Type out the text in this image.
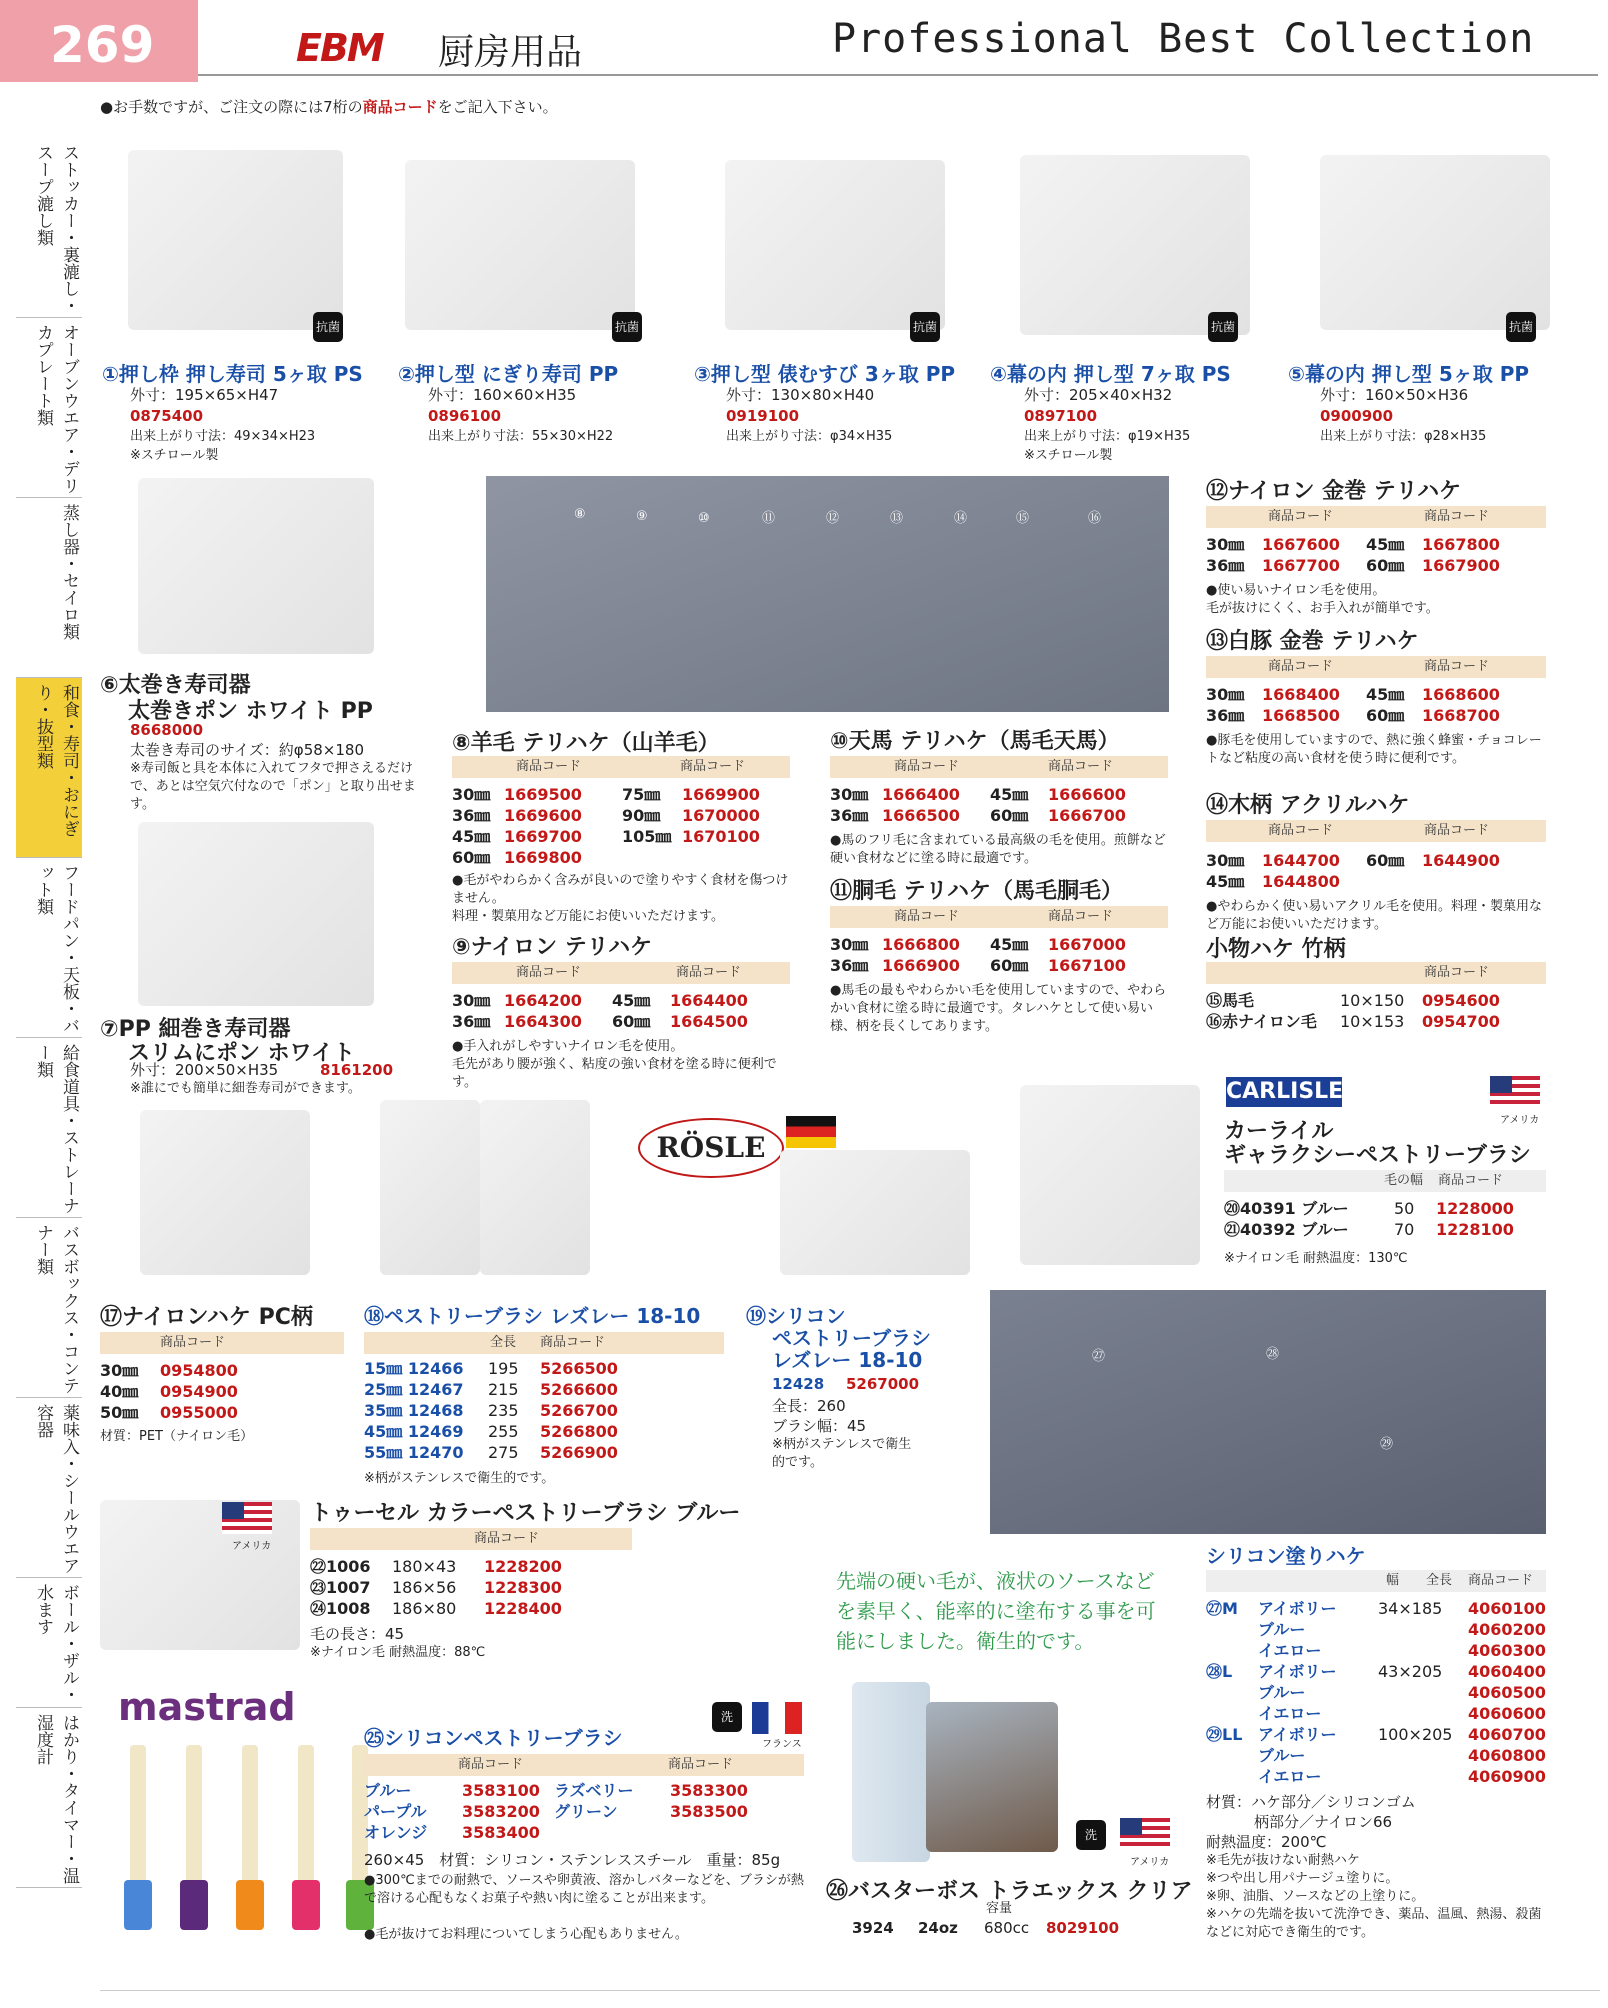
269	EBM	厨房用品	Professional Best Collection
●お手数ですが、ご注文の際には7桁の商品コードをご記入下さい。
ストッカー・裏漉し・スープ漉し類
オーブンウエア・デリカプレート類
蒸し器・セイロ類
和食・寿司・おにぎり・抜型類
フードパン・天板・バット類
給食道具・ストレーナー類
バスボックス・コンテナー類
薬味入・シールウエア容器
ボール・ザル・水ます
はかり・タイマー・温湿度計
抗菌	抗菌	抗菌	抗菌	抗菌
①押し枠 押し寿司 5ヶ取 PS
外寸：195×65×H47
0875400
出来上がり寸法：49×34×H23
※スチロール製
②押し型 にぎり寿司 PP
外寸：160×60×H35
0896100
出来上がり寸法：55×30×H22
③押し型 俵むすび 3ヶ取 PP
外寸：130×80×H40
0919100
出来上がり寸法：φ34×H35
④幕の内 押し型 7ヶ取 PS
外寸：205×40×H32
0897100
出来上がり寸法：φ19×H35
※スチロール製
⑤幕の内 押し型 5ヶ取 PP
外寸：160×50×H36
0900900
出来上がり寸法：φ28×H35
⑥太巻き寿司器
太巻きポン ホワイト PP
8668000
太巻き寿司のサイズ：約φ58×180
※寿司飯と具を本体に入れてフタで押さえるだけで、あとは空気穴付なので「ポン」と取り出せます。
⑦PP 細巻き寿司器
スリムにポン ホワイト
外寸：200×50×H35	8161200
※誰にでも簡単に細巻寿司ができます。
⑧	⑨	⑩	⑪	⑫	⑬	⑭	⑮	⑯
⑧羊毛 テリハケ（山羊毛）
商品コード	商品コード
30㎜ 1669500	75㎜ 1669900
36㎜ 1669600	90㎜ 1670000
45㎜ 1669700	105㎜ 1670100
60㎜ 1669800
●毛がやわらかく含みが良いので塗りやすく食材を傷つけません。
料理・製菓用など万能にお使いいただけます。
⑨ナイロン テリハケ
商品コード	商品コード
30㎜ 1664200 45㎜ 1664400
36㎜ 1664300 60㎜ 1664500
●手入れがしやすいナイロン毛を使用。
毛先があり腰が強く、粘度の強い食材を塗る時に便利です。
⑩天馬 テリハケ（馬毛天馬）
商品コード	商品コード
30㎜ 1666400 45㎜ 1666600
36㎜ 1666500 60㎜ 1666700
●馬のフリ毛に含まれている最高級の毛を使用。煎餅など硬い食材などに塗る時に最適です。
⑪胴毛 テリハケ（馬毛胴毛）
商品コード	商品コード
30㎜ 1666800 45㎜ 1667000
36㎜ 1666900 60㎜ 1667100
●馬毛の最もやわらかい毛を使用していますので、やわらかい食材に塗る時に最適です。タレハケとして使い易い様、柄を長くしてあります。
⑫ナイロン 金巻 テリハケ
商品コード	商品コード
30㎜ 1667600 45㎜ 1667800
36㎜ 1667700 60㎜ 1667900
●使い易いナイロン毛を使用。
毛が抜けにくく、お手入れが簡単です。
⑬白豚 金巻 テリハケ
商品コード	商品コード
30㎜ 1668400 45㎜ 1668600
36㎜ 1668500 60㎜ 1668700
●豚毛を使用していますので、熱に強く蜂蜜・チョコレートなど粘度の高い食材を使う時に便利です。
⑭木柄 アクリルハケ
商品コード	商品コード
30㎜ 1644700 60㎜ 1644900
45㎜ 1644800
●やわらかく使い易いアクリル毛を使用。料理・製菓用など万能にお使いいただけます。
小物ハケ 竹柄
商品コード
⑮馬毛	10×150 0954600
⑯赤ナイロン毛 10×153 0954700
CARLISLE
アメリカ
カーライル
ギャラクシーペストリーブラシ
毛の幅 商品コード
⑳40391 ブルー	50 1228000
㉑40392 ブルー	70 1228100
※ナイロン毛 耐熱温度：130℃
RÖSLE
⑰ナイロンハケ PC柄
商品コード
30㎜ 0954800
40㎜ 0954900
50㎜ 0955000
材質：PET（ナイロン毛）
⑱ペストリーブラシ レズレー 18-10
全長 商品コード
15㎜ 12466 195 5266500
25㎜ 12467 215 5266600
35㎜ 12468 235 5266700
45㎜ 12469 255 5266800
55㎜ 12470 275 5266900
※柄がステンレスで衛生的です。
⑲シリコン
ペストリーブラシ
レズレー 18-10
12428 5267000
全長：260
ブラシ幅：45
※柄がステンレスで衛生的です。
㉗	㉘
㉙
アメリカ
トゥーセル カラーペストリーブラシ ブルー
商品コード
㉒1006 180×43 1228200
㉓1007 186×56 1228300
㉔1008 186×80 1228400
毛の長さ：45
※ナイロン毛 耐熱温度：88℃
mastrad	洗
フランス
㉕シリコンペストリーブラシ
商品コード	商品コード
ブルー	3583100 ラズベリー 3583300
パープル 3583200 グリーン	3583500
オレンジ 3583400
260×45　材質：シリコン・ステンレススチール　重量：85g
●300℃までの耐熱で、ソースや卵黄液、溶かしバターなどを、ブラシが熱で溶ける心配もなくお菓子や熱い肉に塗ることが出来ます。
●毛が抜けてお料理についてしまう心配もありません。
先端の硬い毛が、液状のソースなどを素早く、能率的に塗布する事を可能にしました。衛生的です。
洗
アメリカ
㉖バスターボス トラエックス クリア
容量
3924 24oz 680cc 8029100
シリコン塗りハケ
幅 全長 商品コード
㉗M アイボリー	34×185 4060100
ブルー	4060200
イエロー	4060300
㉘L アイボリー	43×205 4060400
ブルー	4060500
イエロー	4060600
㉙LL アイボリー	100×205 4060700
ブルー	4060800
イエロー	4060900
材質：ハケ部分／シリコンゴム
柄部分／ナイロン66
耐熱温度：200℃
※毛先が抜けない耐熱ハケ
※つや出し用パナージュ塗りに。
※卵、油脂、ソースなどの上塗りに。
※ハケの先端を抜いて洗浄でき、薬品、温風、熱湯、殺菌などに対応でき衛生的です。
